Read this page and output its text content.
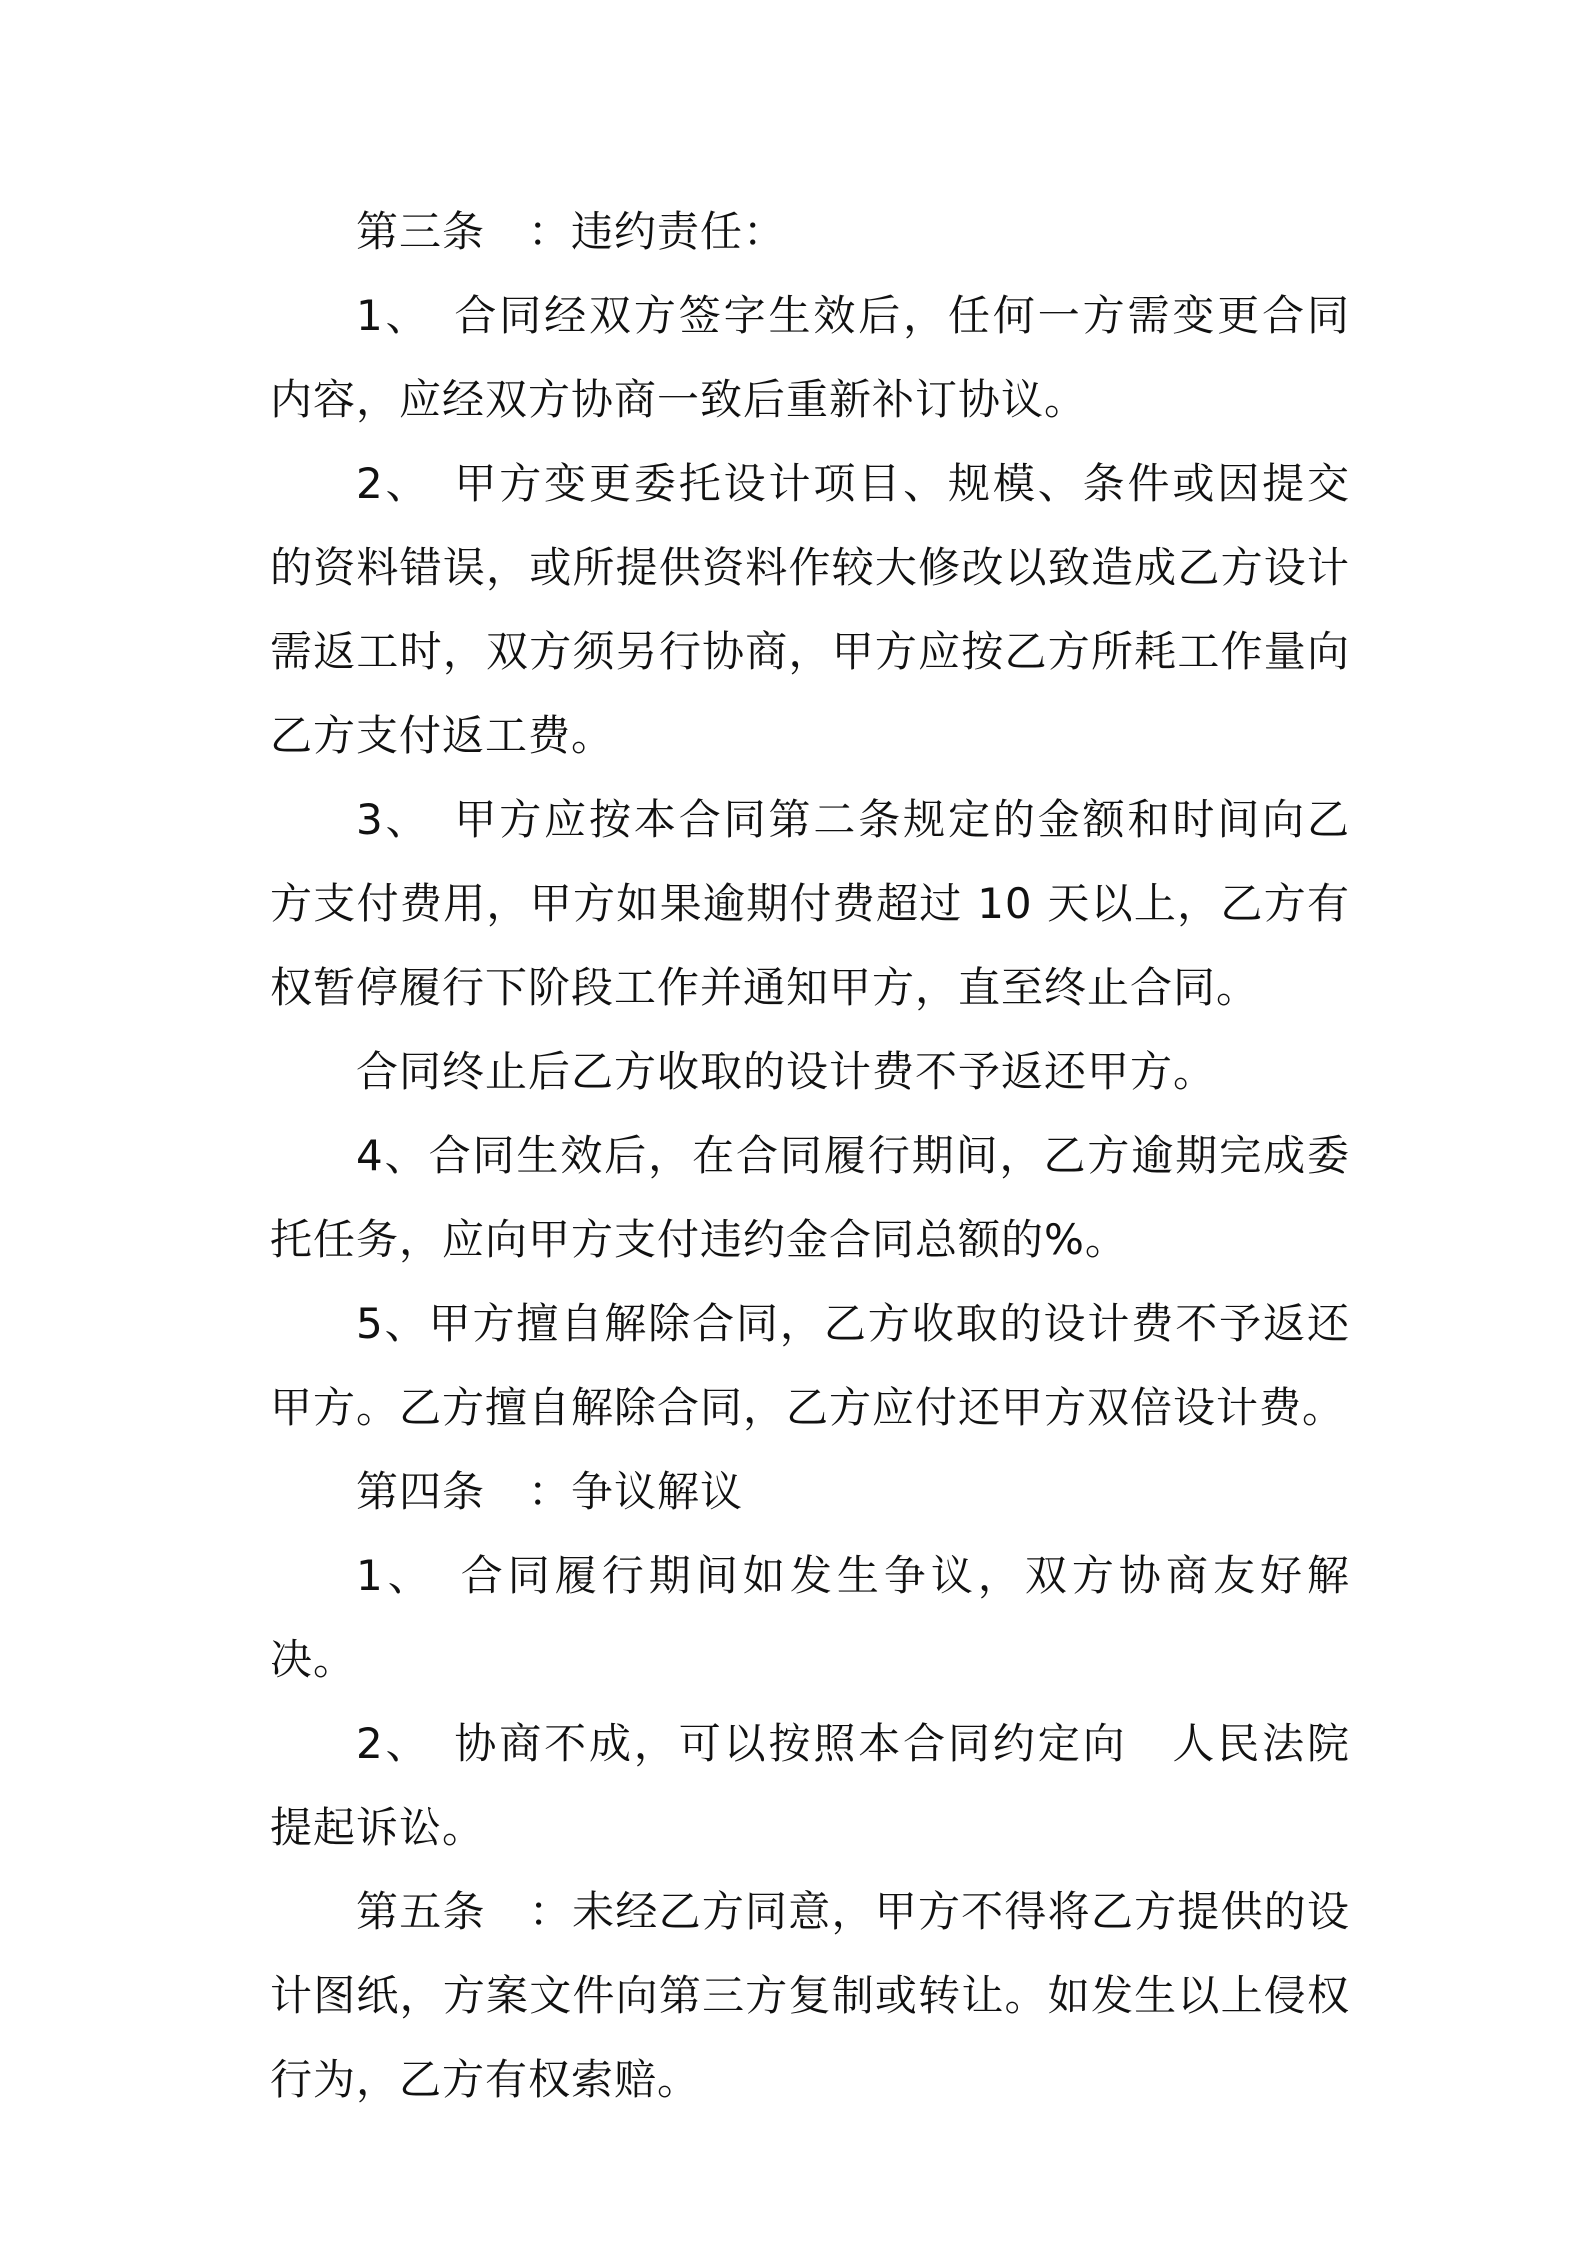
第三条　：违约责任：

1、　合同经双方签字生效后，任何一方需变更合同内容，应经双方协商一致后重新补订协议。

2、　甲方变更委托设计项目、规模、条件或因提交的资料错误，或所提供资料作较大修改以致造成乙方设计需返工时，双方须另行协商，甲方应按乙方所耗工作量向乙方支付返工费。

3、　甲方应按本合同第二条规定的金额和时间向乙方支付费用，甲方如果逾期付费超过 10 天以上，乙方有权暂停履行下阶段工作并通知甲方，直至终止合同。

合同终止后乙方收取的设计费不予返还甲方。

4、合同生效后，在合同履行期间，乙方逾期完成委托任务，应向甲方支付违约金合同总额的%。

5、甲方擅自解除合同，乙方收取的设计费不予返还甲方。乙方擅自解除合同，乙方应付还甲方双倍设计费。

第四条　：争议解议

1、　合同履行期间如发生争议，双方协商友好解决。

2、　协商不成，可以按照本合同约定向　人民法院提起诉讼。

第五条　：未经乙方同意，甲方不得将乙方提供的设计图纸，方案文件向第三方复制或转让。如发生以上侵权行为，乙方有权索赔。
